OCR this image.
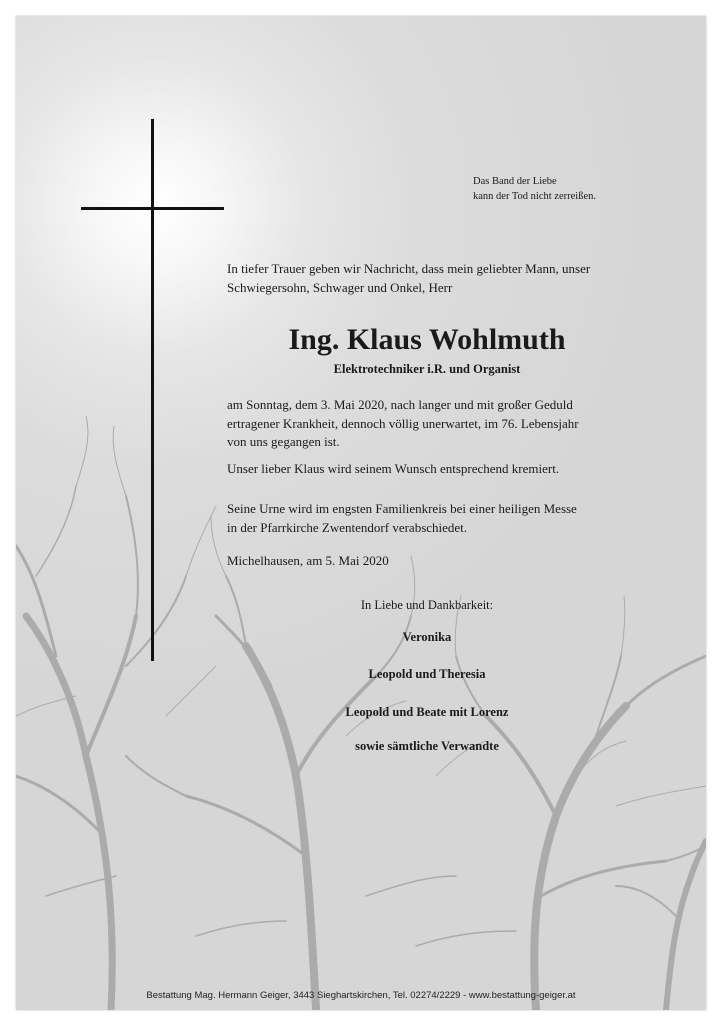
Das Band der Liebe
kann der Tod nicht zerreißen.
In tiefer Trauer geben wir Nachricht, dass mein geliebter Mann, unser
Schwiegersohn, Schwager und Onkel, Herr
Ing. Klaus Wohlmuth
Elektrotechniker i.R. und Organist
am Sonntag, dem 3. Mai 2020, nach langer und mit großer Geduld
ertragener Krankheit, dennoch völlig unerwartet, im 76. Lebensjahr
von uns gegangen ist.
Unser lieber Klaus wird seinem Wunsch entsprechend kremiert.
Seine Urne wird im engsten Familienkreis bei einer heiligen Messe
in der Pfarrkirche Zwentendorf verabschiedet.
Michelhausen, am 5. Mai 2020
In Liebe und Dankbarkeit:
Veronika
Leopold und Theresia
Leopold und Beate mit Lorenz
sowie sämtliche Verwandte
Bestattung Mag. Hermann Geiger, 3443 Sieghartskirchen, Tel. 02274/2229 - www.bestattung-geiger.at
